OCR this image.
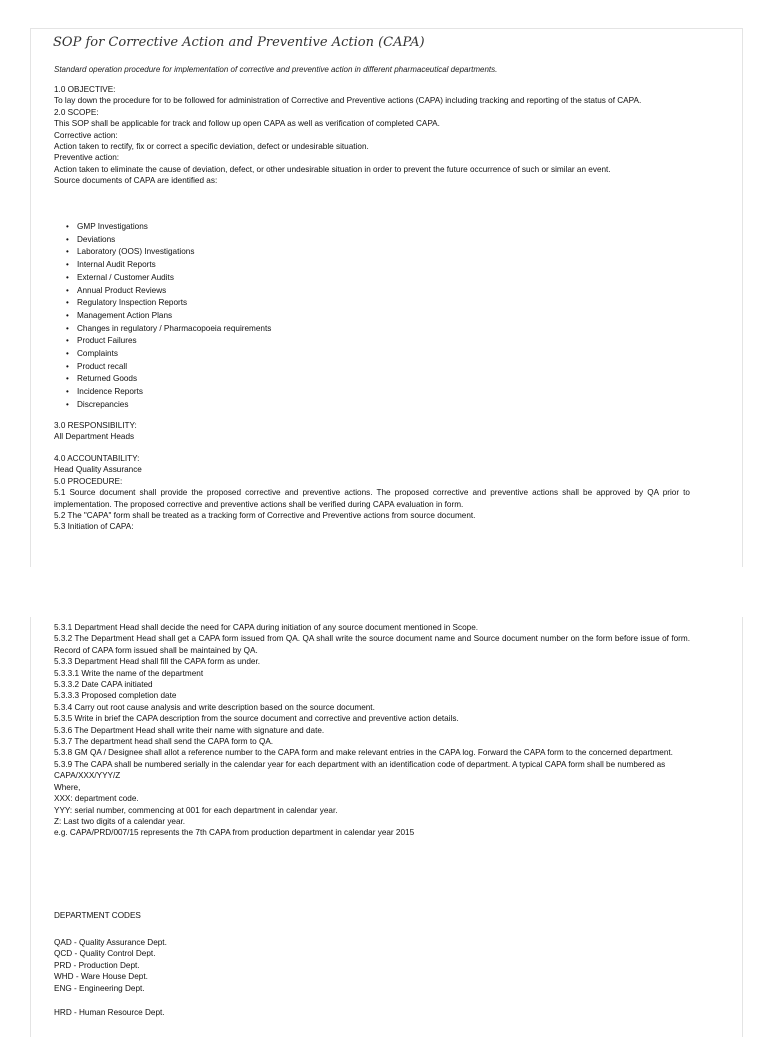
SOP for Corrective Action and Preventive Action (CAPA)

Standard operation procedure for implementation of corrective and preventive action in different pharmaceutical departments.

1.0 OBJECTIVE:

To lay down the procedure for to be followed for administration of Corrective and Preventive actions (CAPA) including tracking and reporting of the status of CAPA.

2.0 SCOPE:

This SOP shall be applicable for track and follow up open CAPA as well as verification of completed CAPA.

Corrective action:

Action taken to rectify, fix or correct a specific deviation, defect or undesirable situation.

Preventive action:

Action taken to eliminate the cause of deviation, defect, or other undesirable situation in order to prevent the future occurrence of such or similar an event.

Source documents of CAPA are identified as:

• GMP Investigations
• Deviations
• Laboratory (OOS) Investigations
• Internal Audit Reports
• External / Customer Audits
• Annual Product Reviews
• Regulatory Inspection Reports
• Management Action Plans
• Changes in regulatory / Pharmacopoeia requirements
• Product Failures
• Complaints
• Product recall
• Returned Goods
• Incidence Reports
• Discrepancies

3.0 RESPONSIBILITY:

All Department Heads

4.0 ACCOUNTABILITY:

Head Quality Assurance

5.0 PROCEDURE:

5.1 Source document shall provide the proposed corrective and preventive actions. The proposed corrective and preventive actions shall be approved by QA prior to implementation. The proposed corrective and preventive actions shall be verified during CAPA evaluation in form.

5.2 The "CAPA" form shall be treated as a tracking form of Corrective and Preventive actions from source document.

5.3 Initiation of CAPA:

5.3.1 Department Head shall decide the need for CAPA during initiation of any source document mentioned in Scope.

5.3.2 The Department Head shall get a CAPA form issued from QA. QA shall write the source document name and Source document number on the form before issue of form. Record of CAPA form issued shall be maintained by QA.

5.3.3 Department Head shall fill the CAPA form as under.

5.3.3.1 Write the name of the department

5.3.3.2 Date CAPA initiated

5.3.3.3 Proposed completion date

5.3.4 Carry out root cause analysis and write description based on the source document.

5.3.5 Write in brief the CAPA description from the source document and corrective and preventive action details.

5.3.6 The Department Head shall write their name with signature and date.

5.3.7 The department head shall send the CAPA form to QA.

5.3.8 GM QA / Designee shall allot a reference number to the CAPA form and make relevant entries in the CAPA log. Forward the CAPA form to the concerned department.

5.3.9 The CAPA shall be numbered serially in the calendar year for each department with an identification code of department. A typical CAPA form shall be numbered as

CAPA/XXX/YYY/Z

Where,

XXX: department code.

YYY: serial number, commencing at 001 for each department in calendar year.

Z: Last two digits of a calendar year.

e.g. CAPA/PRD/007/15 represents the 7th CAPA from production department in calendar year 2015

DEPARTMENT CODES

QAD - Quality Assurance Dept.

QCD - Quality Control Dept.

PRD - Production Dept.

WHD - Ware House Dept.

ENG - Engineering Dept.

HRD - Human Resource Dept.
